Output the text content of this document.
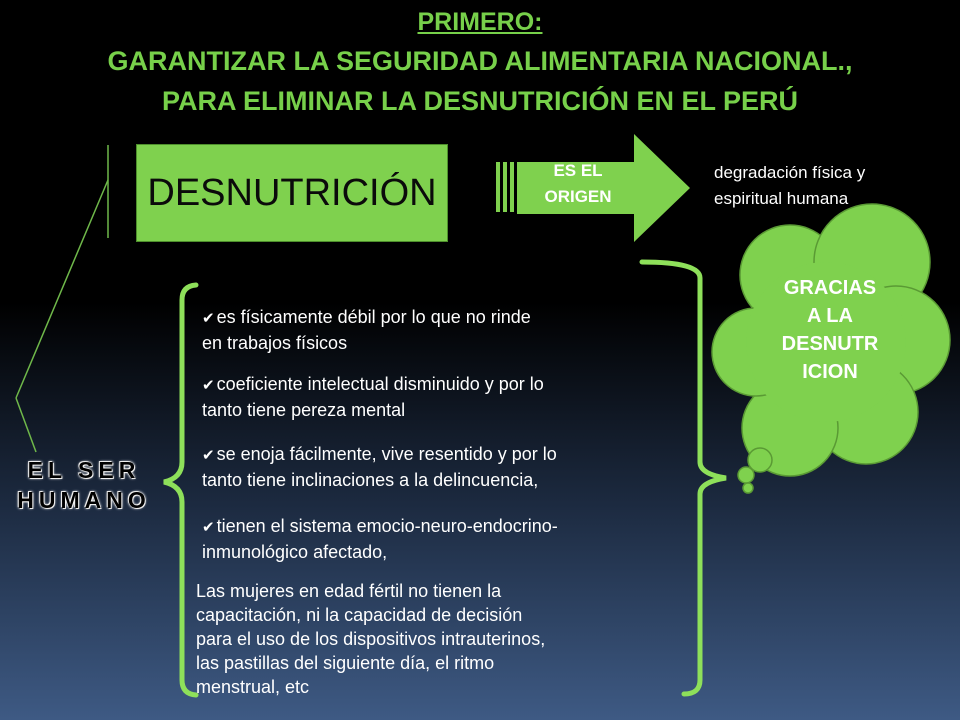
PRIMERO:
GARANTIZAR LA SEGURIDAD ALIMENTARIA NACIONAL.,
PARA ELIMINAR LA DESNUTRICIÓN EN EL PERÚ
DESNUTRICIÓN
ES EL
ORIGEN
degradación física y
espiritual humana
EL SER
HUMANO
✔ es físicamente débil por lo que no rinde
en trabajos físicos
✔ coeficiente intelectual disminuido y por lo
tanto tiene pereza mental
✔ se enoja fácilmente, vive resentido y por lo
tanto tiene inclinaciones a la delincuencia,
✔ tienen el sistema emocio-neuro-endocrino-
inmunológico afectado,
Las mujeres en edad fértil no tienen la
capacitación, ni la capacidad de decisión
para el uso de los dispositivos intrauterinos,
las pastillas del siguiente día, el ritmo
menstrual, etc
GRACIAS
A LA
DESNUTR
ICION
